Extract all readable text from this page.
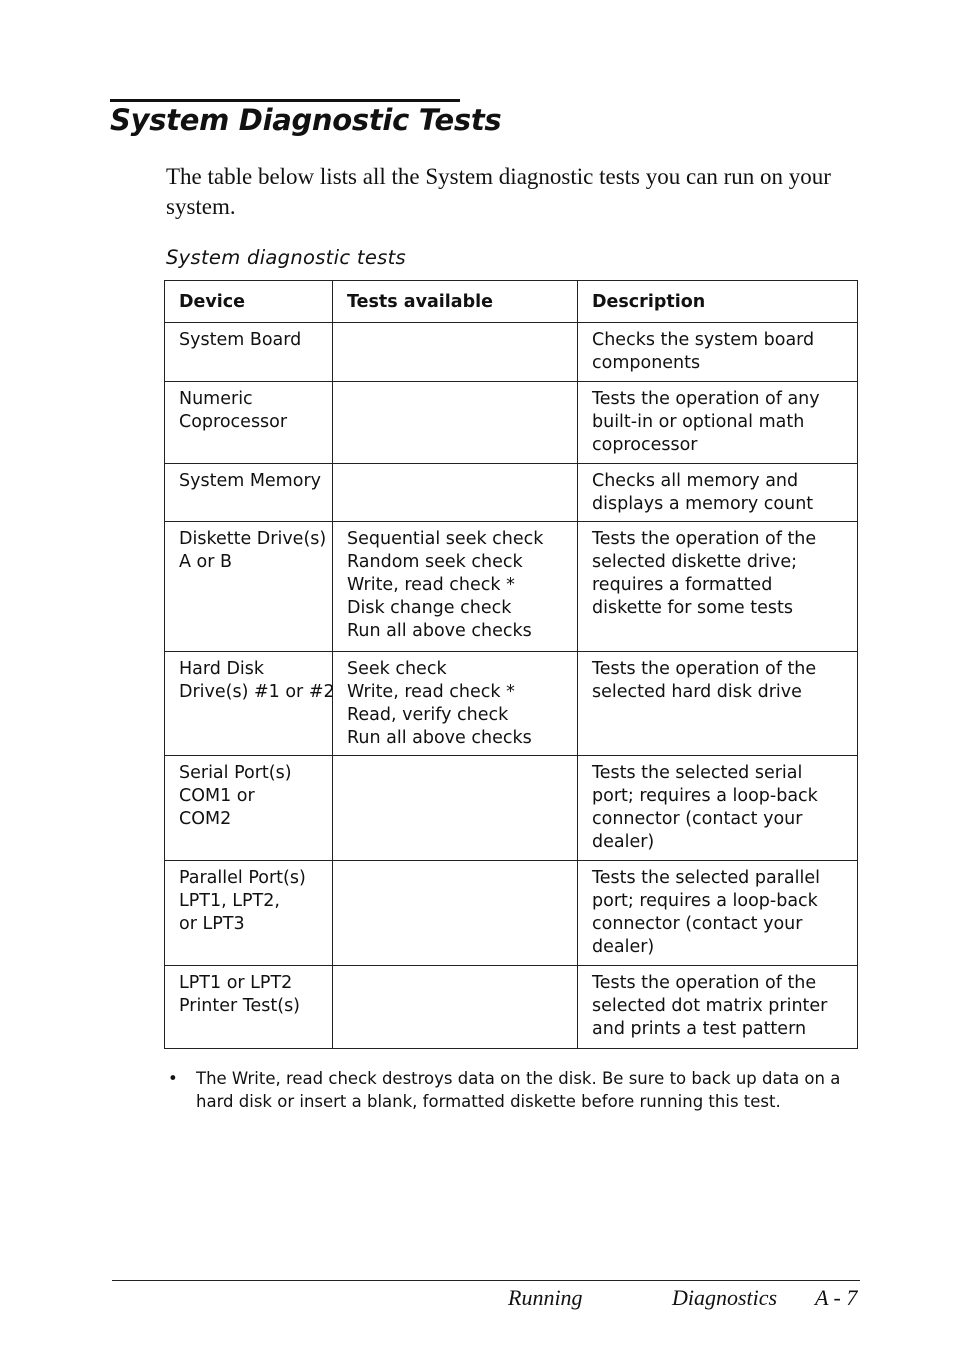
System Diagnostic Tests

The table below lists all the System diagnostic tests you can run on your system.

System diagnostic tests

Device	Tests available	Description

System Board		Checks the system board
components

Numeric
Coprocessor		Tests the operation of any
built-in or optional math
coprocessor

System Memory		Checks all memory and
displays a memory count

Diskette Drive(s)
A or B	Sequential seek check
Random seek check
Write, read check *
Disk change check
Run all above checks	Tests the operation of the
selected diskette drive;
requires a formatted
diskette for some tests

Hard Disk
Drive(s) #1 or #2	Seek check
Write, read check *
Read, verify check
Run all above checks	Tests the operation of the
selected hard disk drive

Serial Port(s)
COM1 or
COM2		Tests the selected serial
port; requires a loop-back
connector (contact your
dealer)

Parallel Port(s)
LPT1, LPT2,
or LPT3		Tests the selected parallel
port; requires a loop-back
connector (contact your
dealer)

LPT1 or LPT2
Printer Test(s)		Tests the operation of the
selected dot matrix printer
and prints a test pattern
• The Write, read check destroys data on the disk. Be sure to back up data on a hard disk or insert a blank, formatted diskette before running this test.
Running	Diagnostics A - 7
